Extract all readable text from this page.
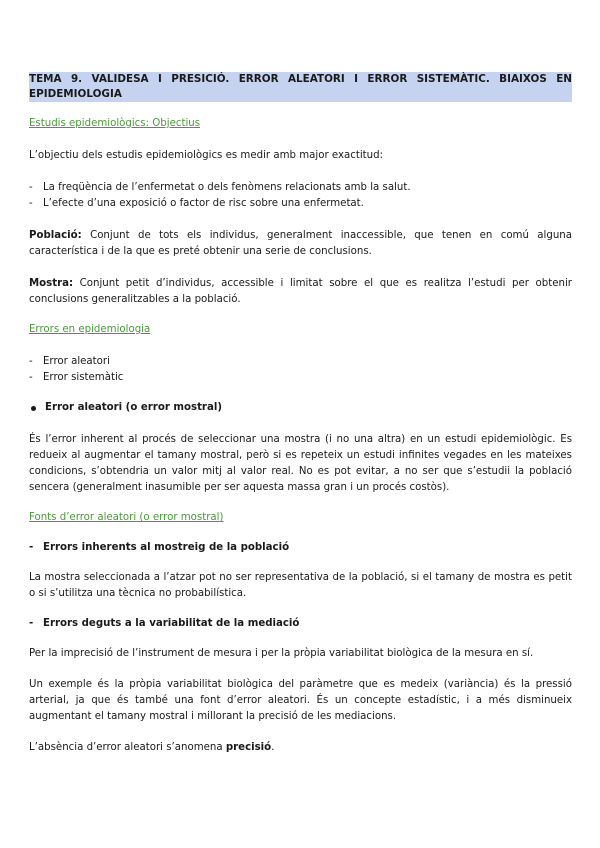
TEMA 9. VALIDESA I PRESICIÓ. ERROR ALEATORI I ERROR SISTEMÀTIC. BIAIXOS EN
EPIDEMIOLOGIA

Estudis epidemiològics: Objectius

L’objectiu dels estudis epidemiològics es medir amb major exactitud:

- La freqüència de l’enfermetat o dels fenòmens relacionats amb la salut.
- L’efecte d’una exposició o factor de risc sobre una enfermetat.

Població: Conjunt de tots els individus, generalment inaccessible, que tenen en comú alguna característica i de la que es preté obtenir una serie de conclusions.

Mostra: Conjunt petit d’individus, accessible i limitat sobre el que es realitza l’estudi per obtenir conclusions generalitzables a la població.

Errors en epidemiologia

- Error aleatori
- Error sistemàtic

Error aleatori (o error mostral)

És l’error inherent al procés de seleccionar una mostra (i no una altra) en un estudi epidemiològic. Es redueix al augmentar el tamany mostral, però si es repeteix un estudi infinites vegades en les mateixes condicions, s’obtendria un valor mitj al valor real. No es pot evitar, a no ser que s’estudii la població sencera (generalment inasumible per ser aquesta massa gran i un procés costòs).

Fonts d’error aleatori (o error mostral)

- Errors inherents al mostreig de la població

La mostra seleccionada a l’atzar pot no ser representativa de la població, si el tamany de mostra es petit o si s’utilitza una tècnica no probabilística.

- Errors deguts a la variabilitat de la mediació

Per la imprecisió de l’instrument de mesura i per la pròpia variabilitat biològica de la mesura en sí.

Un exemple és la pròpia variabilitat biològica del paràmetre que es medeix (variància) és la pressió arterial, ja que és també una font d’error aleatori. És un concepte estadístic, i a més disminueix augmentant el tamany mostral i millorant la precisió de les mediacions.

L’absència d’error aleatori s’anomena precisió.
